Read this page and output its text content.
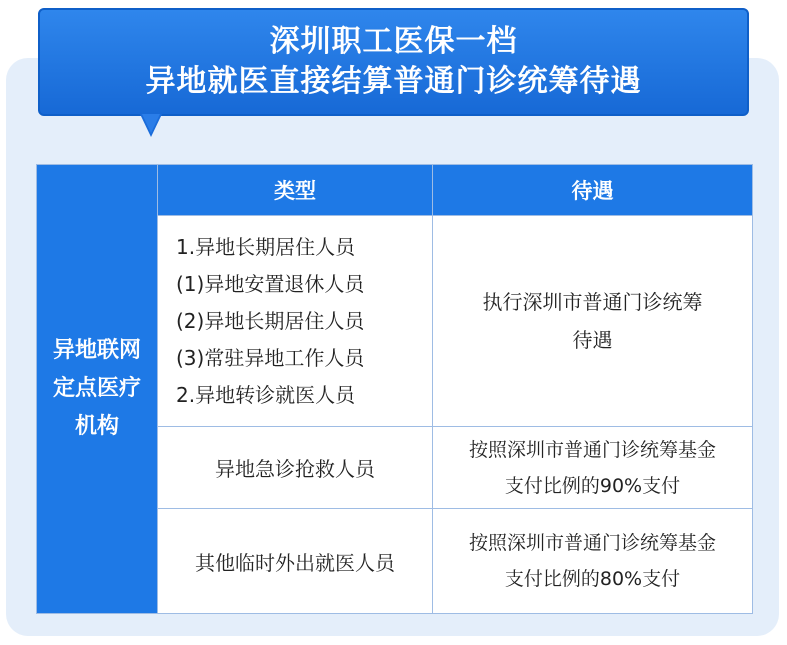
深圳职工医保一档
异地就医直接结算普通门诊统筹待遇
异地联网
定点医疗
机构	类型	待遇

	1.异地长期居住人员
(1)异地安置退休人员
(2)异地长期居住人员
(3)常驻异地工作人员
2.异地转诊就医人员	执行深圳市普通门诊统筹
待遇

	异地急诊抢救人员	按照深圳市普通门诊统筹基金
支付比例的90%支付

	其他临时外出就医人员	按照深圳市普通门诊统筹基金
支付比例的80%支付
